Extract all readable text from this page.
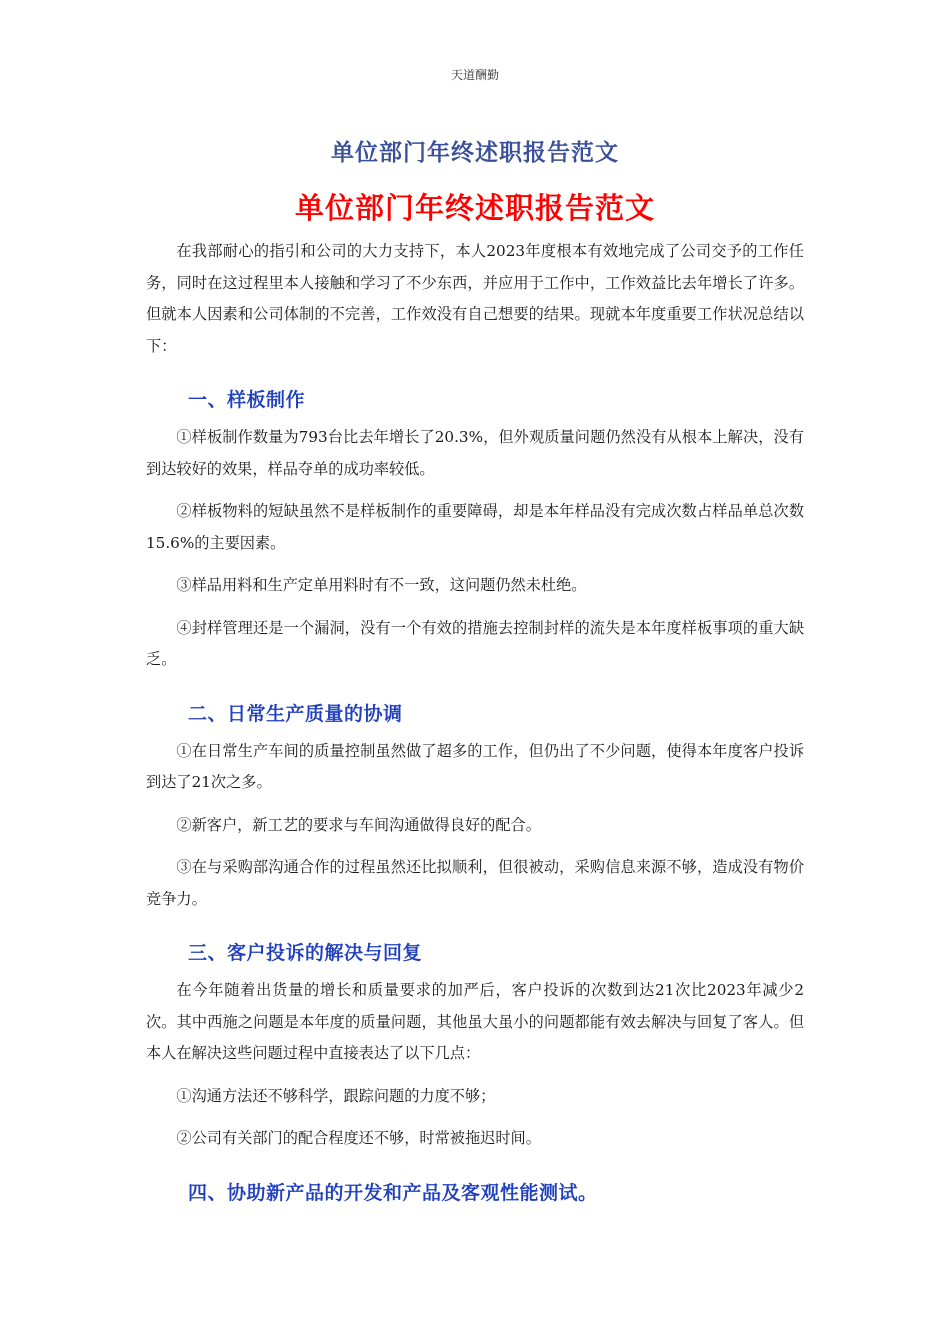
天道酬勤
单位部门年终述职报告范文
单位部门年终述职报告范文

在我部耐心的指引和公司的大力支持下，本人2023年度根本有效地完成了公司交予的工作任务，同时在这过程里本人接触和学习了不少东西，并应用于工作中，工作效益比去年增长了许多。但就本人因素和公司体制的不完善，工作效没有自己想要的结果。现就本年度重要工作状况总结以下：

一、样板制作

①样板制作数量为793台比去年增长了20.3%，但外观质量问题仍然没有从根本上解决，没有到达较好的效果，样品夺单的成功率较低。

②样板物料的短缺虽然不是样板制作的重要障碍，却是本年样品没有完成次数占样品单总次数15.6%的主要因素。

③样品用料和生产定单用料时有不一致，这问题仍然未杜绝。

④封样管理还是一个漏洞，没有一个有效的措施去控制封样的流失是本年度样板事项的重大缺乏。

二、日常生产质量的协调

①在日常生产车间的质量控制虽然做了超多的工作，但仍出了不少问题，使得本年度客户投诉到达了21次之多。

②新客户，新工艺的要求与车间沟通做得良好的配合。

③在与采购部沟通合作的过程虽然还比拟顺利，但很被动，采购信息来源不够，造成没有物价竞争力。

三、客户投诉的解决与回复

在今年随着出货量的增长和质量要求的加严后，客户投诉的次数到达21次比2023年减少2次。其中西施之问题是本年度的质量问题，其他虽大虽小的问题都能有效去解决与回复了客人。但本人在解决这些问题过程中直接表达了以下几点：

①沟通方法还不够科学，跟踪问题的力度不够；

②公司有关部门的配合程度还不够，时常被拖迟时间。

四、协助新产品的开发和产品及客观性能测试。
